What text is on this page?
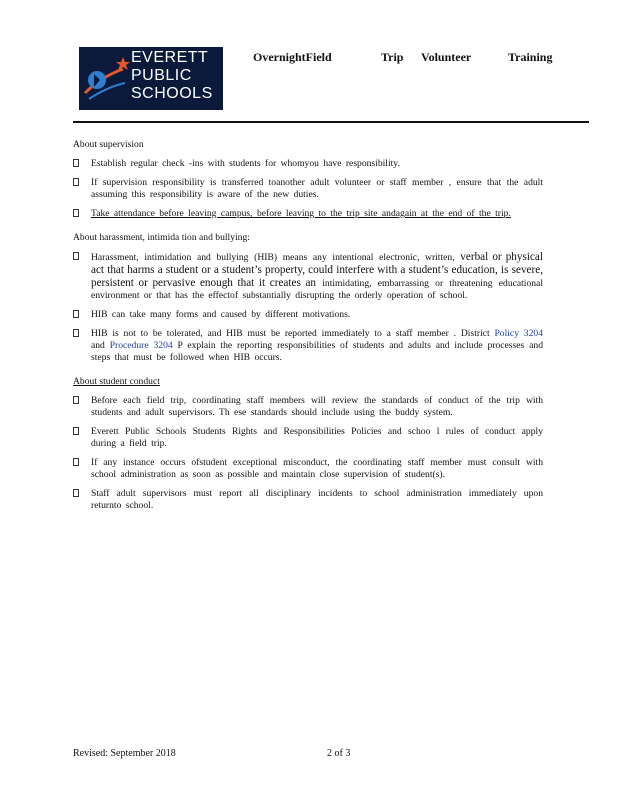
EVERETT
PUBLIC
SCHOOLS
OvernightField	Trip Volunteer	Training
About supervision
Establish regular check -ins with students for whomyou have responsibility.
If supervision responsibility is transferred toanother adult volunteer or staff member , ensure that the adult assuming this responsibility is aware of the new duties.
Take attendance before leaving campus, before leaving to the trip site andagain at the end of the trip.
About harassment, intimida tion and bullying:
Harassment, intimidation and bullying (HIB) means any intentional electronic, written, verbal or physical act that harms a student or a student’s property, could interfere with a student’s education, is severe, persistent or pervasive enough that it creates an intimidating, embarrassing or threatening educational environment or that has the effectof substantially disrupting the orderly operation of school.
HIB can take many forms and caused by different motivations.
HIB is not to be tolerated, and HIB must be reported immediately to a staff member . District Policy 3204 and Procedure 3204 P explain the reporting responsibilities of students and adults and include processes and steps that must be followed when HIB occurs.
About student conduct
Before each field trip, coordinating staff members will review the standards of conduct of the trip with students and adult supervisors. Th ese standards should include using the buddy system.
Everett Public Schools Students Rights and Responsibilities Policies and schoo l rules of conduct apply during a field trip.
If any instance occurs ofstudent exceptional misconduct, the coordinating staff member must consult with school administration as soon as possible and maintain close supervision of student(s).
Staff adult supervisors must report all disciplinary incidents to school administration immediately upon returnto school.
Revised: September 2018	2 of 3
